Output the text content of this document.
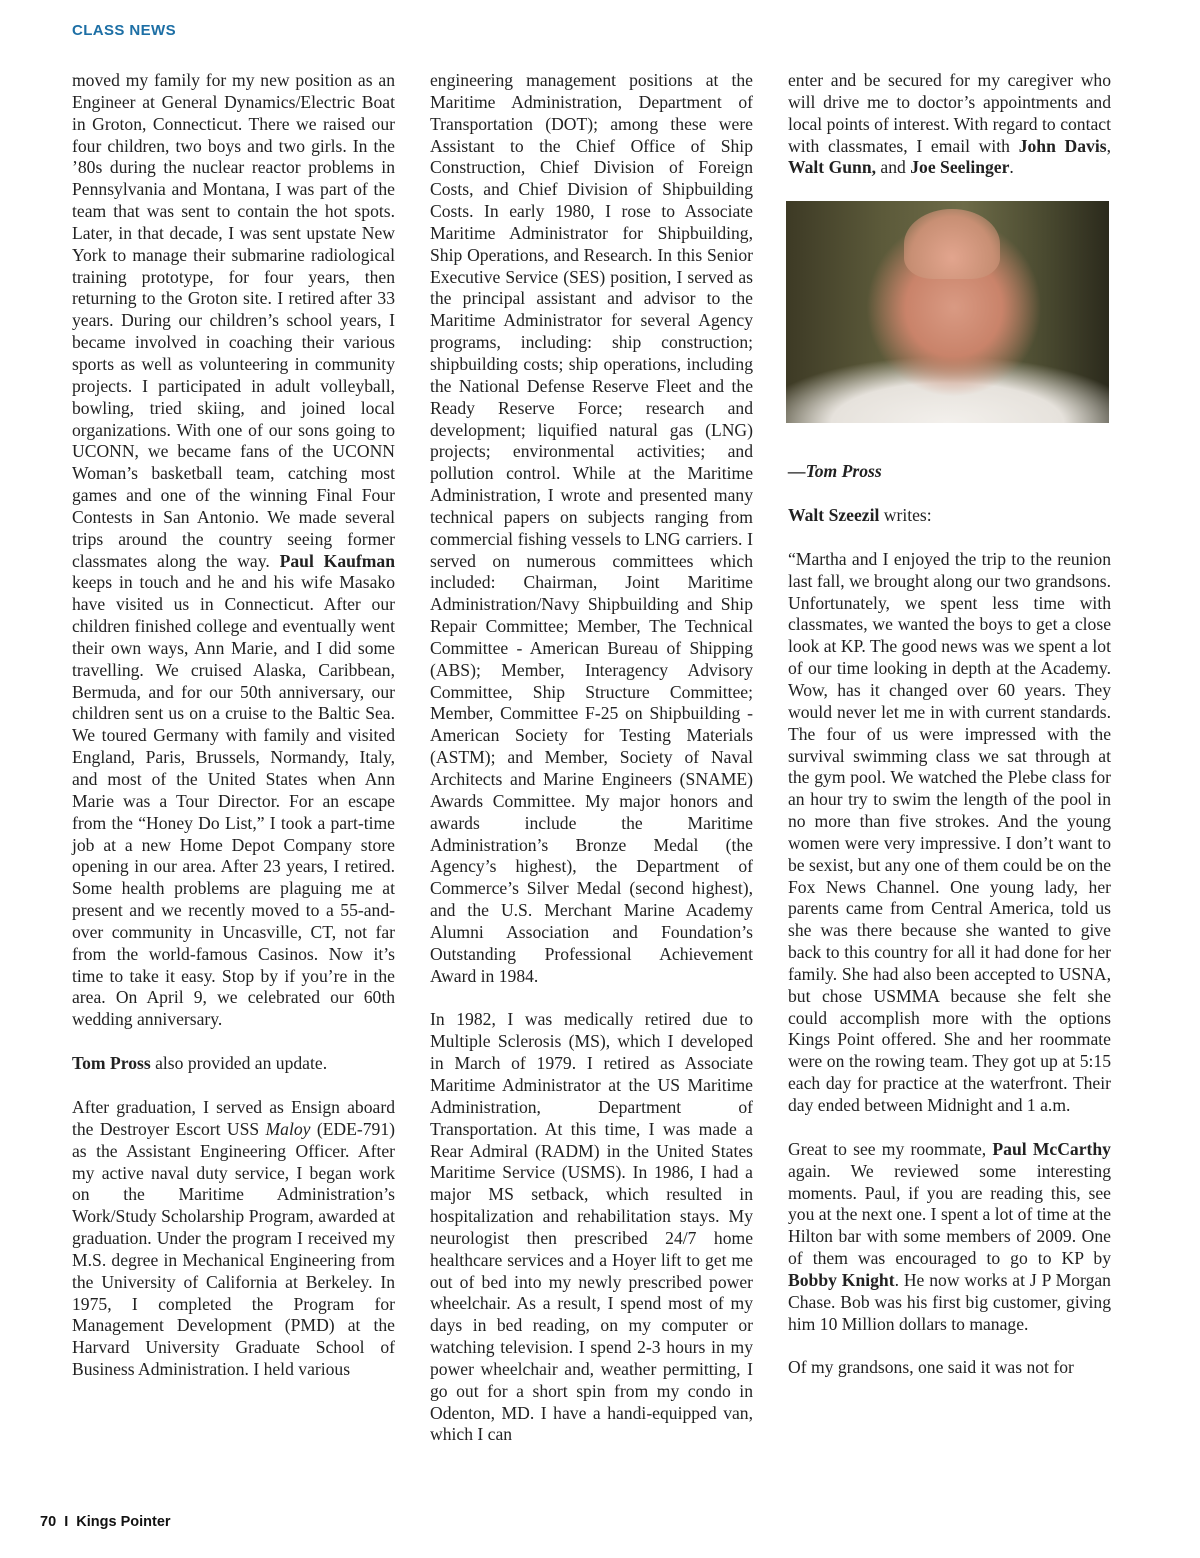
CLASS NEWS

moved my family for my new position as an Engineer at General Dynamics/Electric Boat in Groton, Connecticut. There we raised our four children, two boys and two girls. In the ’80s during the nuclear reactor problems in Pennsylvania and Montana, I was part of the team that was sent to contain the hot spots. Later, in that decade, I was sent upstate New York to manage their submarine radiological training prototype, for four years, then returning to the Groton site. I retired after 33 years. During our children’s school years, I became involved in coaching their various sports as well as volunteering in community projects. I participated in adult volleyball, bowling, tried skiing, and joined local organizations. With one of our sons going to UCONN, we became fans of the UCONN Woman’s basketball team, catching most games and one of the winning Final Four Contests in San Antonio. We made several trips around the country seeing former classmates along the way. Paul Kaufman keeps in touch and he and his wife Masako have visited us in Connecticut. After our children finished college and eventually went their own ways, Ann Marie, and I did some travelling. We cruised Alaska, Caribbean, Bermuda, and for our 50th anniversary, our children sent us on a cruise to the Baltic Sea. We toured Germany with family and visited England, Paris, Brussels, Normandy, Italy, and most of the United States when Ann Marie was a Tour Director. For an escape from the “Honey Do List,” I took a part-time job at a new Home Depot Company store opening in our area. After 23 years, I retired. Some health problems are plaguing me at present and we recently moved to a 55-and-over community in Uncasville, CT, not far from the world-famous Casinos. Now it’s time to take it easy. Stop by if you’re in the area. On April 9, we celebrated our 60th wedding anniversary.

Tom Pross also provided an update.

After graduation, I served as Ensign aboard the Destroyer Escort USS Maloy (EDE-791) as the Assistant Engineering Officer. After my active naval duty service, I began work on the Maritime Administration’s Work/Study Scholarship Program, awarded at graduation. Under the program I received my M.S. degree in Mechanical Engineering from the University of California at Berkeley. In 1975, I completed the Program for Management Development (PMD) at the Harvard University Graduate School of Business Administration. I held various

engineering management positions at the Maritime Administration, Department of Transportation (DOT); among these were Assistant to the Chief Office of Ship Construction, Chief Division of Foreign Costs, and Chief Division of Shipbuilding Costs. In early 1980, I rose to Associate Maritime Administrator for Shipbuilding, Ship Operations, and Research. In this Senior Executive Service (SES) position, I served as the principal assistant and advisor to the Maritime Administrator for several Agency programs, including: ship construction; shipbuilding costs; ship operations, including the National Defense Reserve Fleet and the Ready Reserve Force; research and development; liquified natural gas (LNG) projects; environmental activities; and pollution control. While at the Maritime Administration, I wrote and presented many technical papers on subjects ranging from commercial fishing vessels to LNG carriers. I served on numerous committees which included: Chairman, Joint Maritime Administration/Navy Shipbuilding and Ship Repair Committee; Member, The Technical Committee - American Bureau of Shipping (ABS); Member, Interagency Advisory Committee, Ship Structure Committee; Member, Committee F-25 on Shipbuilding - American Society for Testing Materials (ASTM); and Member, Society of Naval Architects and Marine Engineers (SNAME) Awards Committee. My major honors and awards include the Maritime Administration’s Bronze Medal (the Agency’s highest), the Department of Commerce’s Silver Medal (second highest), and the U.S. Merchant Marine Academy Alumni Association and Foundation’s Outstanding Professional Achievement Award in 1984.

In 1982, I was medically retired due to Multiple Sclerosis (MS), which I developed in March of 1979. I retired as Associate Maritime Administrator at the US Maritime Administration, Department of Transportation. At this time, I was made a Rear Admiral (RADM) in the United States Maritime Service (USMS). In 1986, I had a major MS setback, which resulted in hospitalization and rehabilitation stays. My neurologist then prescribed 24/7 home healthcare services and a Hoyer lift to get me out of bed into my newly prescribed power wheelchair. As a result, I spend most of my days in bed reading, on my computer or watching television. I spend 2-3 hours in my power wheelchair and, weather permitting, I go out for a short spin from my condo in Odenton, MD. I have a handi-equipped van, which I can

enter and be secured for my caregiver who will drive me to doctor’s appointments and local points of interest. With regard to contact with classmates, I email with John Davis, Walt Gunn, and Joe Seelinger.

—Tom Pross

Walt Szeezil writes:

“Martha and I enjoyed the trip to the reunion last fall, we brought along our two grandsons. Unfortunately, we spent less time with classmates, we wanted the boys to get a close look at KP. The good news was we spent a lot of our time looking in depth at the Academy. Wow, has it changed over 60 years. They would never let me in with current standards. The four of us were impressed with the survival swimming class we sat through at the gym pool. We watched the Plebe class for an hour try to swim the length of the pool in no more than five strokes. And the young women were very impressive. I don’t want to be sexist, but any one of them could be on the Fox News Channel. One young lady, her parents came from Central America, told us she was there because she wanted to give back to this country for all it had done for her family. She had also been accepted to USNA, but chose USMMA because she felt she could accomplish more with the options Kings Point offered. She and her roommate were on the rowing team. They got up at 5:15 each day for practice at the waterfront. Their day ended between Midnight and 1 a.m.

Great to see my roommate, Paul McCarthy again. We reviewed some interesting moments. Paul, if you are reading this, see you at the next one. I spent a lot of time at the Hilton bar with some members of 2009. One of them was encouraged to go to KP by Bobby Knight. He now works at J P Morgan Chase. Bob was his first big customer, giving him 10 Million dollars to manage.

Of my grandsons, one said it was not for

70 I Kings Pointer
